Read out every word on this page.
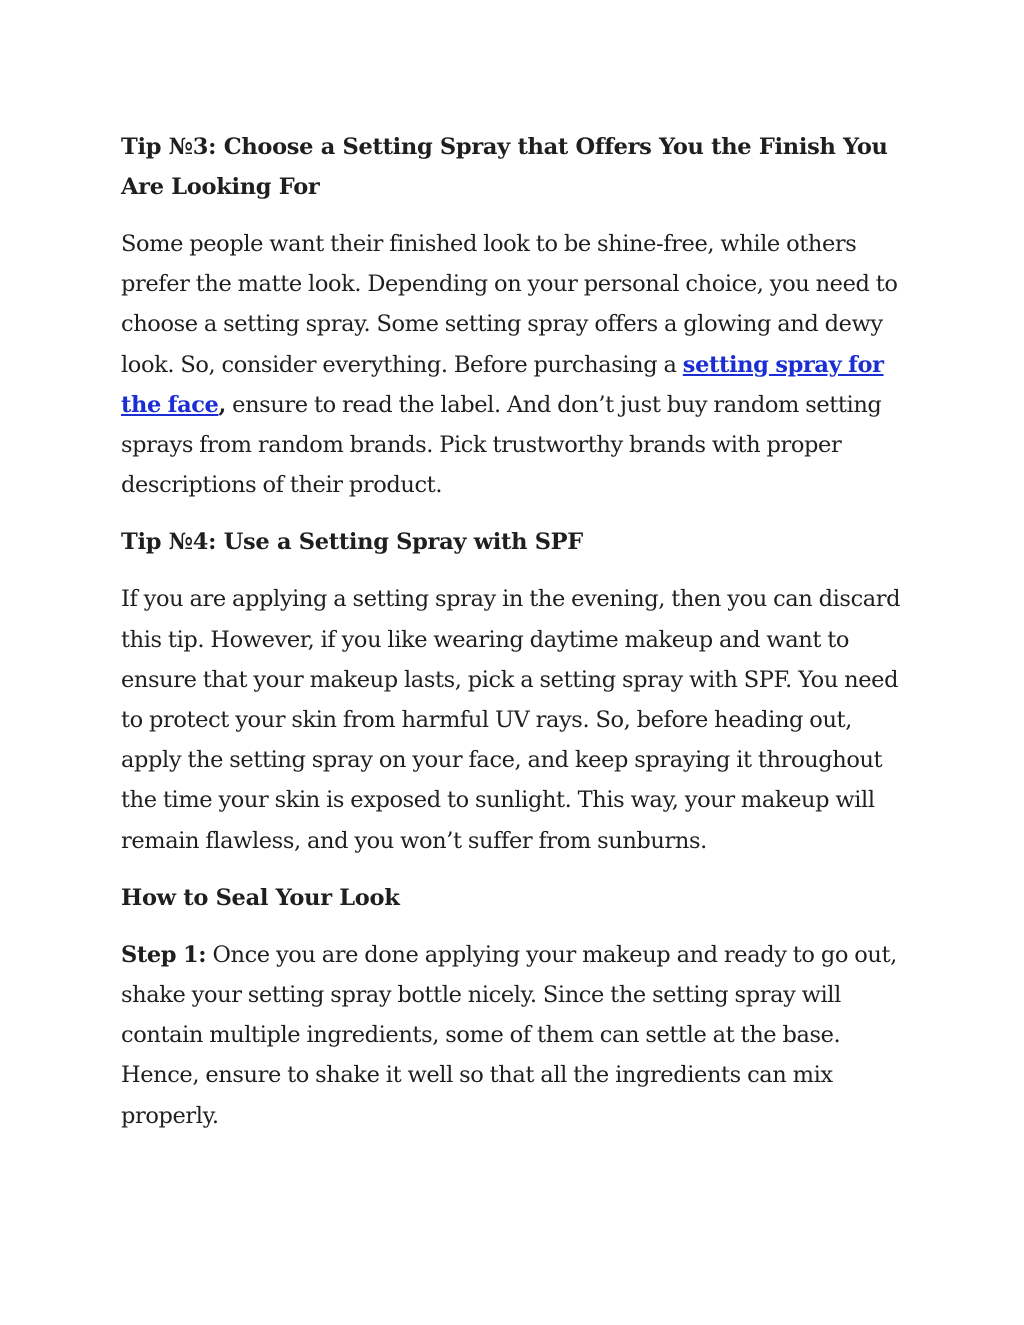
Tip №3: Choose a Setting Spray that Offers You the Finish You Are Looking For

Some people want their finished look to be shine-free, while others prefer the matte look. Depending on your personal choice, you need to choose a setting spray. Some setting spray offers a glowing and dewy look. So, consider everything. Before purchasing a setting spray for the face, ensure to read the label. And don’t just buy random setting sprays from random brands. Pick trustworthy brands with proper descriptions of their product.

Tip №4: Use a Setting Spray with SPF

If you are applying a setting spray in the evening, then you can discard this tip. However, if you like wearing daytime makeup and want to ensure that your makeup lasts, pick a setting spray with SPF. You need to protect your skin from harmful UV rays. So, before heading out, apply the setting spray on your face, and keep spraying it throughout the time your skin is exposed to sunlight. This way, your makeup will remain flawless, and you won’t suffer from sunburns.

How to Seal Your Look

Step 1: Once you are done applying your makeup and ready to go out, shake your setting spray bottle nicely. Since the setting spray will contain multiple ingredients, some of them can settle at the base. Hence, ensure to shake it well so that all the ingredients can mix properly.
